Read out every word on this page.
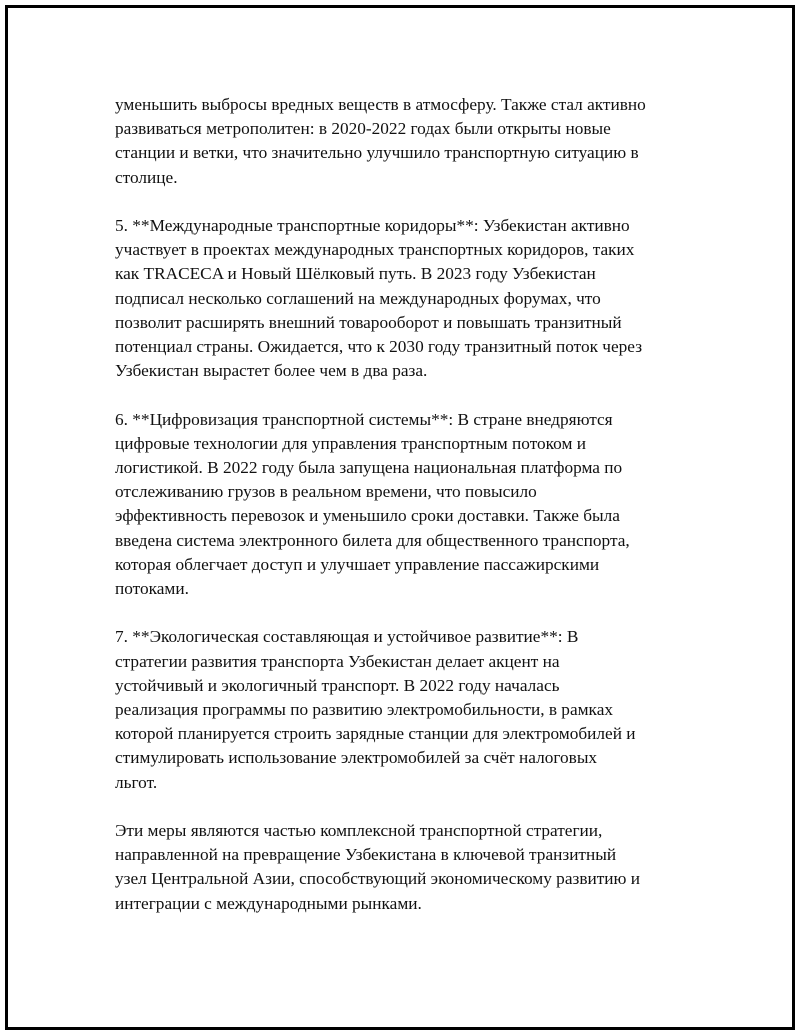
уменьшить выбросы вредных веществ в атмосферу. Также стал активно
развиваться метрополитен: в 2020-2022 годах были открыты новые
станции и ветки, что значительно улучшило транспортную ситуацию в
столице.

5. **Международные транспортные коридоры**: Узбекистан активно
участвует в проектах международных транспортных коридоров, таких
как TRACECA и Новый Шёлковый путь. В 2023 году Узбекистан
подписал несколько соглашений на международных форумах, что
позволит расширять внешний товарооборот и повышать транзитный
потенциал страны. Ожидается, что к 2030 году транзитный поток через
Узбекистан вырастет более чем в два раза.

6. **Цифровизация транспортной системы**: В стране внедряются
цифровые технологии для управления транспортным потоком и
логистикой. В 2022 году была запущена национальная платформа по
отслеживанию грузов в реальном времени, что повысило
эффективность перевозок и уменьшило сроки доставки. Также была
введена система электронного билета для общественного транспорта,
которая облегчает доступ и улучшает управление пассажирскими
потоками.

7. **Экологическая составляющая и устойчивое развитие**: В
стратегии развития транспорта Узбекистан делает акцент на
устойчивый и экологичный транспорт. В 2022 году началась
реализация программы по развитию электромобильности, в рамках
которой планируется строить зарядные станции для электромобилей и
стимулировать использование электромобилей за счёт налоговых
льгот.

Эти меры являются частью комплексной транспортной стратегии,
направленной на превращение Узбекистана в ключевой транзитный
узел Центральной Азии, способствующий экономическому развитию и
интеграции с международными рынками.
